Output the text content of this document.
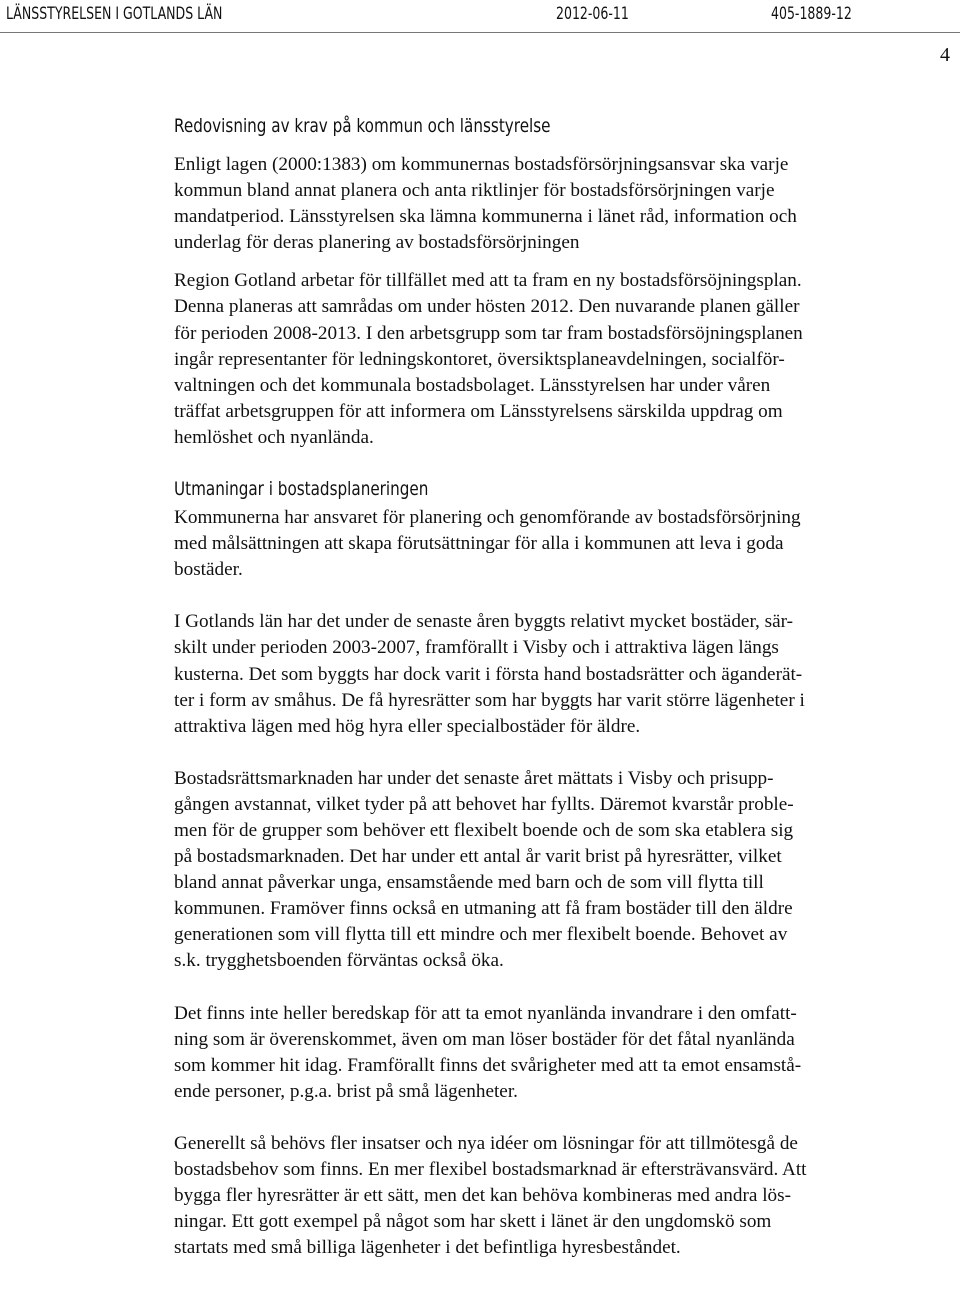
LÄNSSTYRELSEN I GOTLANDS LÄN	2012-06-11	405-1889-12
4
Redovisning av krav på kommun och länsstyrelse

Enligt lagen (2000:1383) om kommunernas bostadsförsörjningsansvar ska varje
kommun bland annat planera och anta riktlinjer för bostadsförsörjningen varje
mandatperiod. Länsstyrelsen ska lämna kommunerna i länet råd, information och
underlag för deras planering av bostadsförsörjningen

Region Gotland arbetar för tillfället med att ta fram en ny bostadsförsöjningsplan.
Denna planeras att samrådas om under hösten 2012. Den nuvarande planen gäller
för perioden 2008-2013. I den arbetsgrupp som tar fram bostadsförsöjningsplanen
ingår representanter för ledningskontoret, översiktsplaneavdelningen, socialför-
valtningen och det kommunala bostadsbolaget. Länsstyrelsen har under våren
träffat arbetsgruppen för att informera om Länsstyrelsens särskilda uppdrag om
hemlöshet och nyanlända.

Utmaningar i bostadsplaneringen

Kommunerna har ansvaret för planering och genomförande av bostadsförsörjning
med målsättningen att skapa förutsättningar för alla i kommunen att leva i goda
bostäder.

I Gotlands län har det under de senaste åren byggts relativt mycket bostäder, sär-
skilt under perioden 2003-2007, framförallt i Visby och i attraktiva lägen längs
kusterna. Det som byggts har dock varit i första hand bostadsrätter och äganderät-
ter i form av småhus. De få hyresrätter som har byggts har varit större lägenheter i
attraktiva lägen med hög hyra eller specialbostäder för äldre.

Bostadsrättsmarknaden har under det senaste året mättats i Visby och prisupp-
gången avstannat, vilket tyder på att behovet har fyllts. Däremot kvarstår proble-
men för de grupper som behöver ett flexibelt boende och de som ska etablera sig
på bostadsmarknaden. Det har under ett antal år varit brist på hyresrätter, vilket
bland annat påverkar unga, ensamstående med barn och de som vill flytta till
kommunen. Framöver finns också en utmaning att få fram bostäder till den äldre
generationen som vill flytta till ett mindre och mer flexibelt boende. Behovet av
s.k. trygghetsboenden förväntas också öka.

Det finns inte heller beredskap för att ta emot nyanlända invandrare i den omfatt-
ning som är överenskommet, även om man löser bostäder för det fåtal nyanlända
som kommer hit idag. Framförallt finns det svårigheter med att ta emot ensamstå-
ende personer, p.g.a. brist på små lägenheter.

Generellt så behövs fler insatser och nya idéer om lösningar för att tillmötesgå de
bostadsbehov som finns. En mer flexibel bostadsmarknad är eftersträvansvärd. Att
bygga fler hyresrätter är ett sätt, men det kan behöva kombineras med andra lös-
ningar. Ett gott exempel på något som har skett i länet är den ungdomskö som
startats med små billiga lägenheter i det befintliga hyresbeståndet.
